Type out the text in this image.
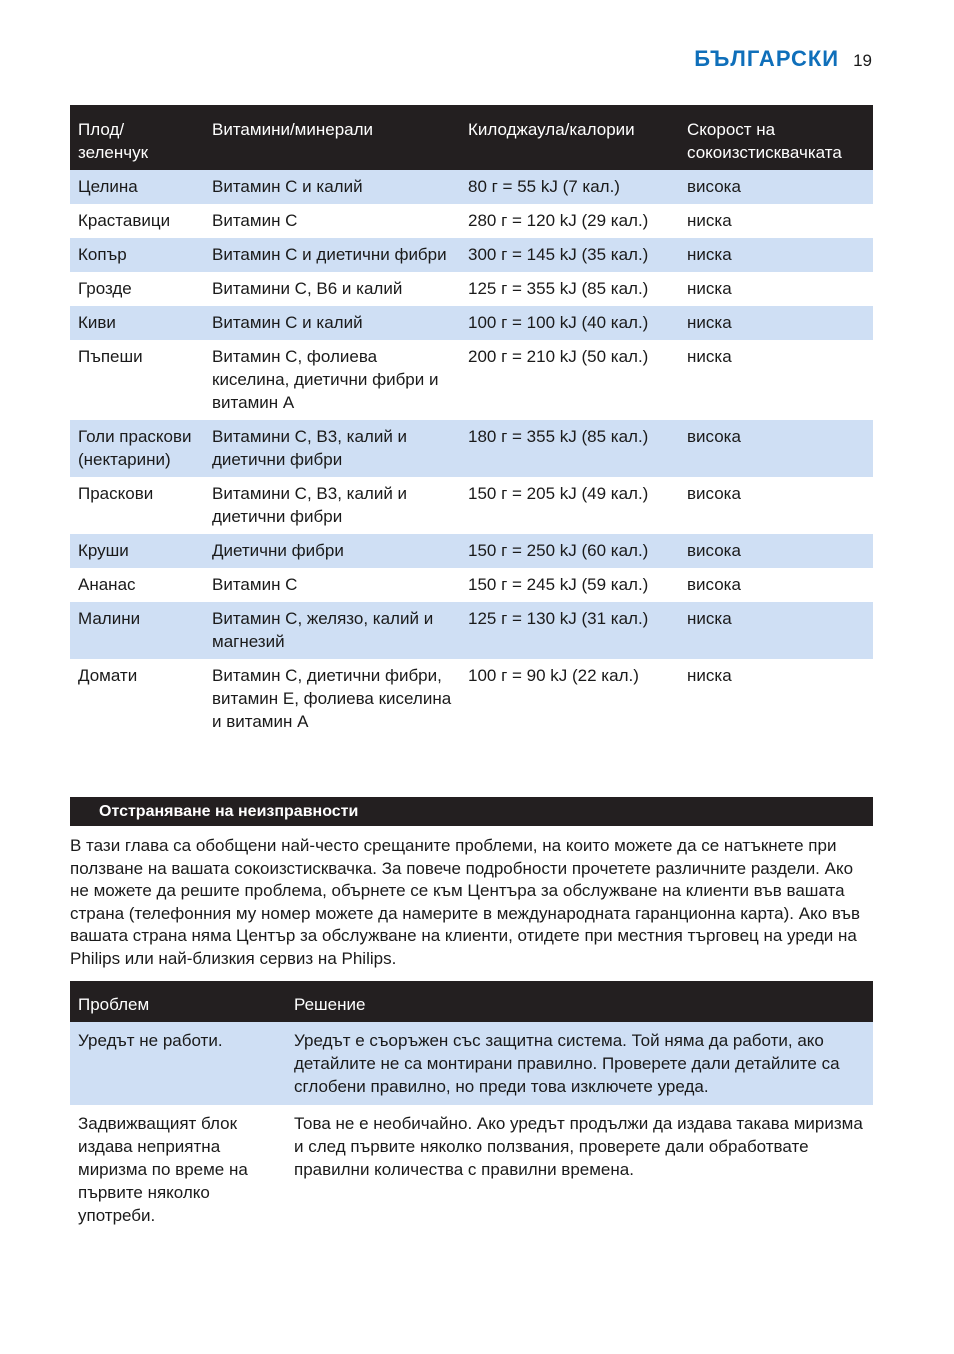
БЪЛГАРСКИ 19
Плод/ зеленчук	Витамини/минерали	Килоджаула/калории	Скорост на сокоизстисквачката
Целина	Витамин C и калий	80 г = 55 kJ (7 кал.)	висока
Краставици	Витамин C	280 г = 120 kJ (29 кал.)	ниска
Копър	Витамин C и диетични фибри	300 г = 145 kJ (35 кал.)	ниска
Грозде	Витамини C, B6 и калий	125 г = 355 kJ (85 кал.)	ниска
Киви	Витамин C и калий	100 г = 100 kJ (40 кал.)	ниска
Пъпеши	Витамин C, фолиева киселина, диетични фибри и витамин A	200 г = 210 kJ (50 кал.)	ниска
Голи праскови (нектарини)	Витамини C, B3, калий и диетични фибри	180 г = 355 kJ (85 кал.)	висока
Праскови	Витамини C, B3, калий и диетични фибри	150 г = 205 kJ (49 кал.)	висока
Круши	Диетични фибри	150 г = 250 kJ (60 кал.)	висока
Ананас	Витамин C	150 г = 245 kJ (59 кал.)	висока
Малини	Витамин C, желязо, калий и магнезий	125 г = 130 kJ (31 кал.)	ниска
Домати	Витамин C, диетични фибри, витамин E, фолиева киселина и витамин A	100 г = 90 kJ (22 кал.)	ниска
Отстраняване на неизправности

В тази глава са обобщени най-често срещаните проблеми, на които можете да се натъкнете при ползване на вашата сокоизстисквачка. За повече подробности прочетете различните раздели. Ако не можете да решите проблема, обърнете се към Центъра за обслужване на клиенти във вашата страна (телефонния му номер можете да намерите в международната гаранционна карта). Ако във вашата страна няма Център за обслужване на клиенти, отидете при местния търговец на уреди на Philips или най-близкия сервиз на Philips.

Проблем	Решение
Уредът не работи.	Уредът е съоръжен със защитна система. Той няма да работи, ако детайлите не са монтирани правилно. Проверете дали детайлите са сглобени правилно, но преди това изключете уреда.
Задвижващият блок издава неприятна миризма по време на първите няколко употреби.	Това не е необичайно. Ако уредът продължи да издава такава миризма и след първите няколко ползвания, проверете дали обработвате правилни количества с правилни времена.
